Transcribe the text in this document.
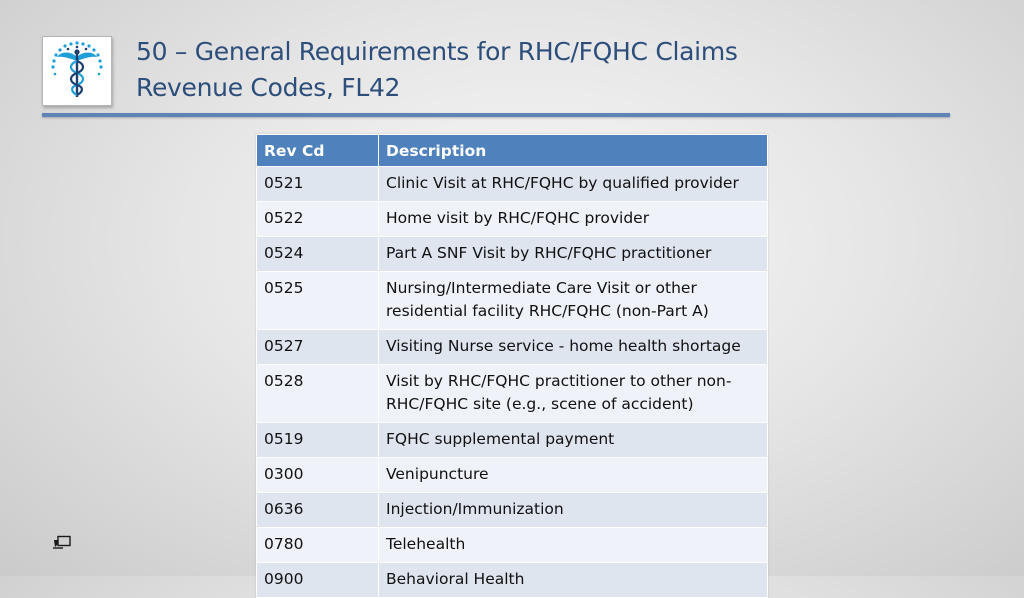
50 – General Requirements for RHC/FQHC Claims
Revenue Codes, FL42
Rev Cd	Description
0521	Clinic Visit at RHC/FQHC by qualified provider
0522	Home visit by RHC/FQHC provider
0524	Part A SNF Visit by RHC/FQHC practitioner
0525	Nursing/Intermediate Care Visit or other residential facility RHC/FQHC (non-Part A)
0527	Visiting Nurse service - home health shortage
0528	Visit by RHC/FQHC practitioner to other non-RHC/FQHC site (e.g., scene of accident)
0519	FQHC supplemental payment
0300	Venipuncture
0636	Injection/Immunization
0780	Telehealth
0900	Behavioral Health
